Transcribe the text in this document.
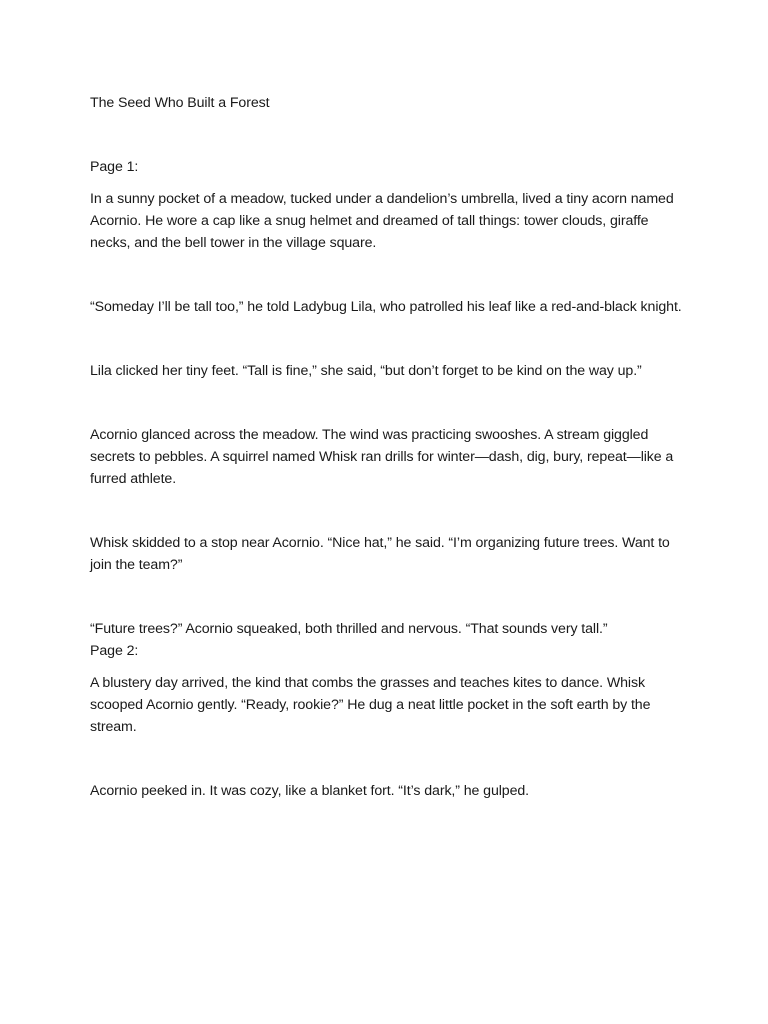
The Seed Who Built a Forest

Page 1:

In a sunny pocket of a meadow, tucked under a dandelion’s umbrella, lived a tiny acorn named Acornio. He wore a cap like a snug helmet and dreamed of tall things: tower clouds, giraffe necks, and the bell tower in the village square.

“Someday I’ll be tall too,” he told Ladybug Lila, who patrolled his leaf like a red-and-black knight.

Lila clicked her tiny feet. “Tall is fine,” she said, “but don’t forget to be kind on the way up.”

Acornio glanced across the meadow. The wind was practicing swooshes. A stream giggled secrets to pebbles. A squirrel named Whisk ran drills for winter—dash, dig, bury, repeat—like a furred athlete.

Whisk skidded to a stop near Acornio. “Nice hat,” he said. “I’m organizing future trees. Want to join the team?”

“Future trees?” Acornio squeaked, both thrilled and nervous. “That sounds very tall.”

Page 2:

A blustery day arrived, the kind that combs the grasses and teaches kites to dance. Whisk scooped Acornio gently. “Ready, rookie?” He dug a neat little pocket in the soft earth by the stream.

Acornio peeked in. It was cozy, like a blanket fort. “It’s dark,” he gulped.
